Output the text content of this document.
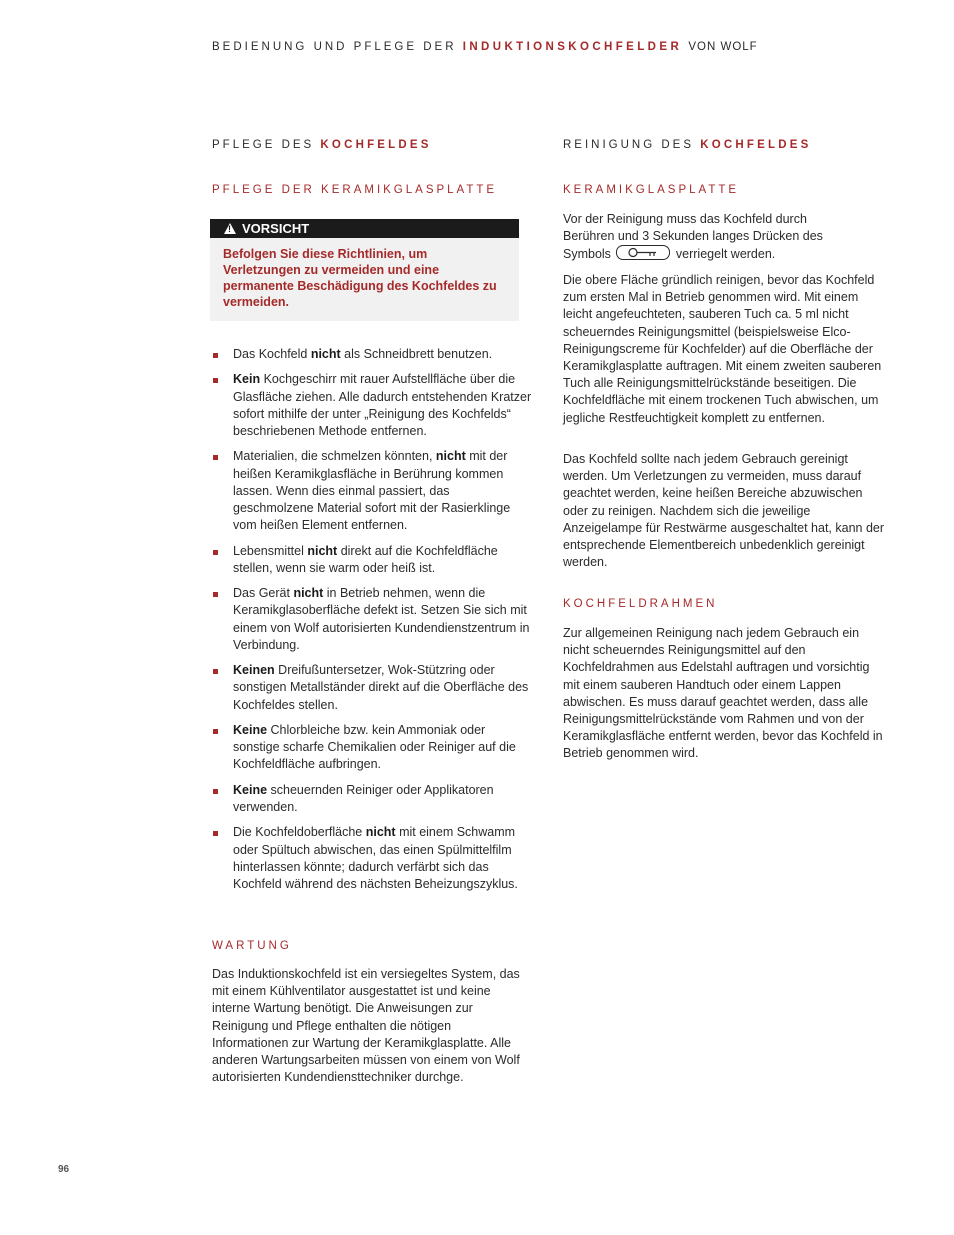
BEDIENUNG UND PFLEGE DER INDUKTIONSKOCHFELDER VON WOLF
PFLEGE DES KOCHFELDES
PFLEGE DER KERAMIKGLASPLATTE
!
VORSICHT
Befolgen Sie diese Richtlinien, um Verletzungen zu vermeiden und eine permanente Beschädigung des Kochfeldes zu vermeiden.
Das Kochfeld nicht als Schneidbrett benutzen.
Kein Kochgeschirr mit rauer Aufstellfläche über die Glasfläche ziehen. Alle dadurch entstehenden Kratzer sofort mithilfe der unter „Reinigung des Kochfelds“ beschriebenen Methode entfernen.
Materialien, die schmelzen könnten, nicht mit der heißen Keramikglasfläche in Berührung kommen lassen. Wenn dies einmal passiert, das geschmolzene Material sofort mit der Rasierklinge vom heißen Element entfernen.
Lebensmittel nicht direkt auf die Kochfeldfläche stellen, wenn sie warm oder heiß ist.
Das Gerät nicht in Betrieb nehmen, wenn die Keramikglasoberfläche defekt ist. Setzen Sie sich mit einem von Wolf autorisierten Kundendienstzentrum in Verbindung.
Keinen Dreifußuntersetzer, Wok-Stützring oder sonstigen Metallständer direkt auf die Oberfläche des Kochfeldes stellen.
Keine Chlorbleiche bzw. kein Ammoniak oder sonstige scharfe Chemikalien oder Reiniger auf die Kochfeldfläche aufbringen.
Keine scheuernden Reiniger oder Applikatoren verwenden.
Die Kochfeldoberfläche nicht mit einem Schwamm oder Spültuch abwischen, das einen Spülmittelfilm hinterlassen könnte; dadurch verfärbt sich das Kochfeld während des nächsten Beheizungszyklus.
WARTUNG

Das Induktionskochfeld ist ein versiegeltes System, das mit einem Kühlventilator ausgestattet ist und keine interne Wartung benötigt. Die Anweisungen zur Reinigung und Pflege enthalten die nötigen Informationen zur Wartung der Keramikglasplatte. Alle anderen Wartungsarbeiten müssen von einem von Wolf autorisierten Kundendiensttechniker durchge.

REINIGUNG DES KOCHFELDES
KERAMIKGLASPLATTE

Vor der Reinigung muss das Kochfeld durch Berühren und 3 Sekunden langes Drücken des Symbols	verriegelt werden.

Die obere Fläche gründlich reinigen, bevor das Kochfeld zum ersten Mal in Betrieb genommen wird. Mit einem leicht angefeuchteten, sauberen Tuch ca. 5 ml nicht scheuerndes Reinigungsmittel (beispielsweise Elco-Reinigungscreme für Kochfelder) auf die Oberfläche der Keramikglasplatte auftragen. Mit einem zweiten sauberen Tuch alle Reinigungsmittelrückstände beseitigen. Die Kochfeldfläche mit einem trockenen Tuch abwischen, um jegliche Restfeuchtigkeit komplett zu entfernen.

Das Kochfeld sollte nach jedem Gebrauch gereinigt werden. Um Verletzungen zu vermeiden, muss darauf geachtet werden, keine heißen Bereiche abzuwischen oder zu reinigen. Nachdem sich die jeweilige Anzeigelampe für Restwärme ausgeschaltet hat, kann der entsprechende Elementbereich unbedenklich gereinigt werden.

KOCHFELDRAHMEN

Zur allgemeinen Reinigung nach jedem Gebrauch ein nicht scheuerndes Reinigungsmittel auf den Kochfeldrahmen aus Edelstahl auftragen und vorsichtig mit einem sauberen Handtuch oder einem Lappen abwischen. Es muss darauf geachtet werden, dass alle Reinigungsmittelrückstände vom Rahmen und von der Keramikglasfläche entfernt werden, bevor das Kochfeld in Betrieb genommen wird.

96
